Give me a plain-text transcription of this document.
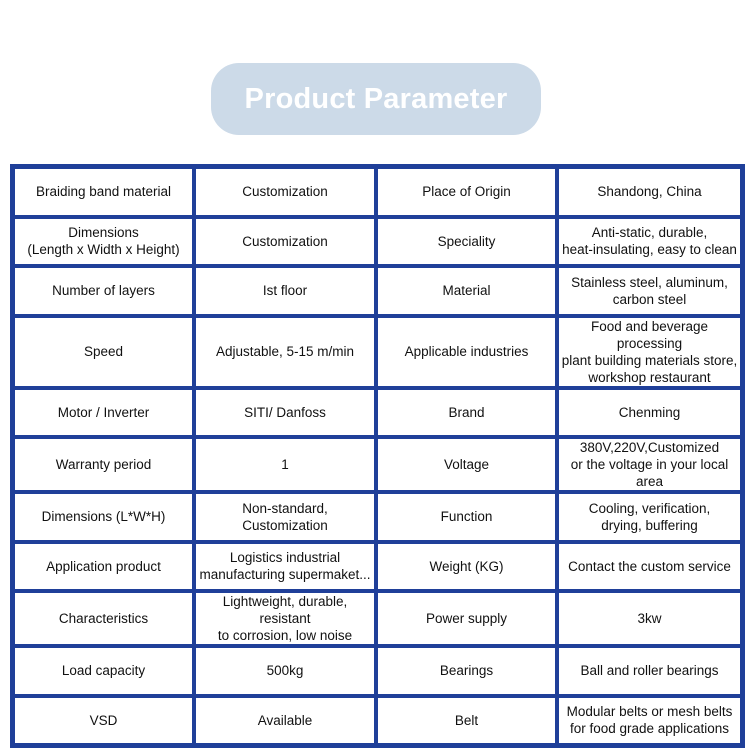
Product Parameter
Braiding band material	Customization	Place of Origin	Shandong, China

Dimensions
(Length x Width x Height)	Customization	Speciality	Anti-static, durable,
heat-insulating, easy to clean

Number of layers	Ist floor	Material	Stainless steel, aluminum,
carbon steel

Speed	Adjustable, 5-15 m/min	Applicable industries	Food and beverage processing
plant building materials store,
workshop restaurant

Motor / Inverter	SITI/ Danfoss	Brand	Chenming

Warranty period	1	Voltage	380V,220V,Customized
or the voltage in your local area

Dimensions (L*W*H)	Non-standard,
Customization	Function	Cooling, verification,
drying, buffering

Application product	Logistics industrial
manufacturing supermaket...	Weight (KG)	Contact the custom service

Characteristics	Lightweight, durable, resistant
to corrosion, low noise	Power supply	3kw

Load capacity	500kg	Bearings	Ball and roller bearings

VSD	Available	Belt	Modular belts or mesh belts
for food grade applications
